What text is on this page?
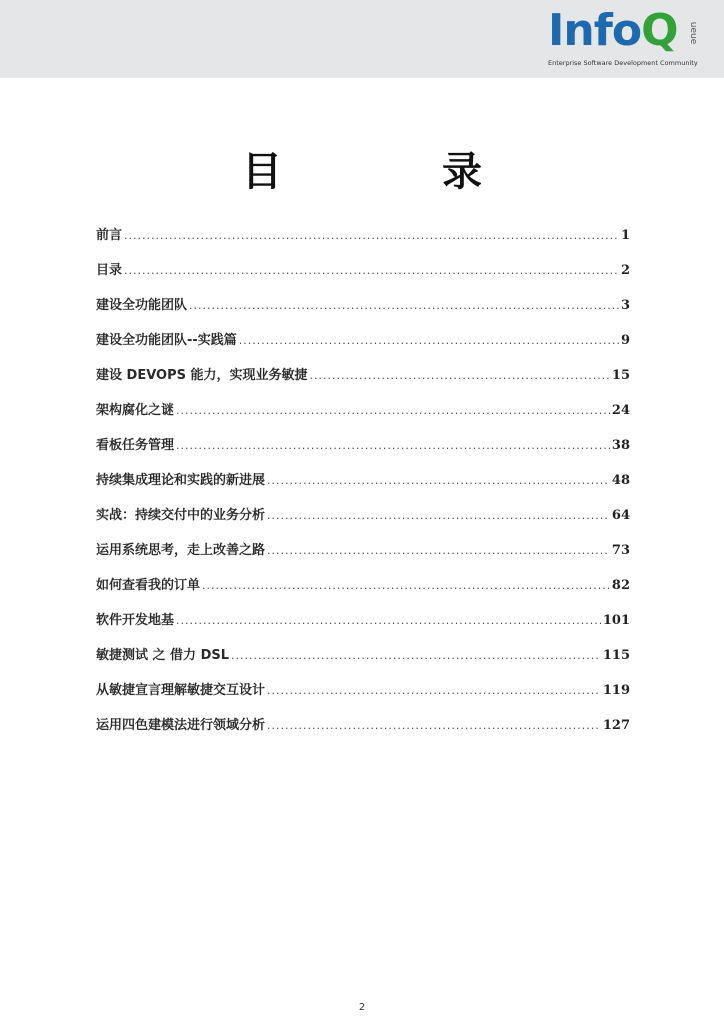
InfoQ ueue
Enterprise Software Development Community
目　录
前言 .....	1
目录 .....	2
建设全功能团队 .....	3
建设全功能团队--实践篇 .....	9
建设 DEVOPS 能力，实现业务敏捷 .....	15
架构腐化之谜 .....	24
看板任务管理 .....	38
持续集成理论和实践的新进展 .....	48
实战：持续交付中的业务分析 .....	64
运用系统思考，走上改善之路 .....	73
如何查看我的订单 .....	82
软件开发地基 .....	101
敏捷测试 之 借力 DSL .....	115
从敏捷宣言理解敏捷交互设计 .....	119
运用四色建模法进行领域分析 .....	127
2
